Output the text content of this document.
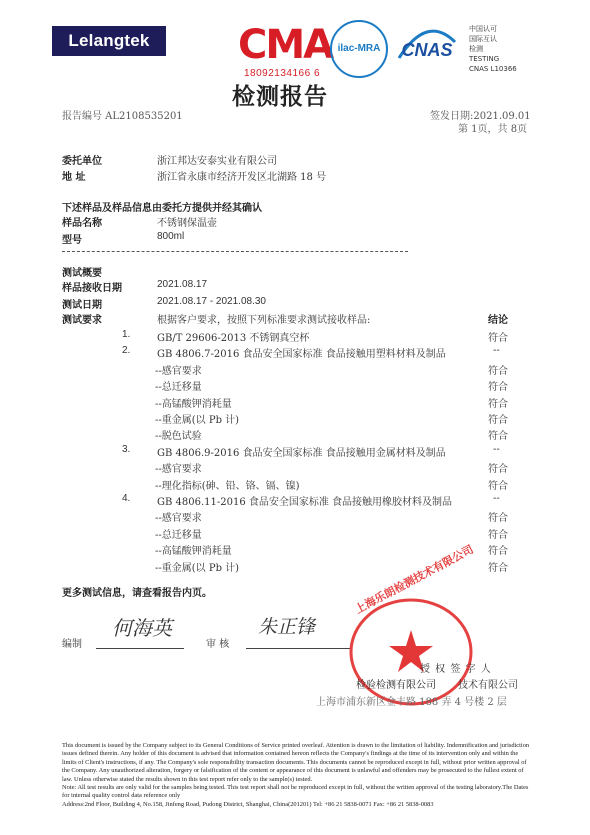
Lelangtek	CMA
18092134166 6
ilac-MRA	CNAS
中国认可
国际互认
检测
TESTING
CNAS L10366
检测报告
报告编号 AL2108535201	签发日期:2021.09.01
第 1页，共 8页
委托单位	浙江邦达安泰实业有限公司
地 址	浙江省永康市经济开发区北湖路 18 号
下述样品及样品信息由委托方提供并经其确认
样品名称	不锈钢保温壶
型号	800ml
测试概要
样品接收日期	2021.08.17
测试日期	2021.08.17 - 2021.08.30
测试要求	根据客户要求，按照下列标准要求测试接收样品:	结论
1.	GB/T 29606-2013 不锈钢真空杯	符合
2.	GB 4806.7-2016 食品安全国家标准 食品接触用塑料材料及制品	--
--感官要求	符合
--总迁移量	符合
--高锰酸钾消耗量	符合
--重金属(以 Pb 计)	符合
--脱色试验	符合
3.	GB 4806.9-2016 食品安全国家标准 食品接触用金属材料及制品	--
--感官要求	符合
--理化指标(砷、铅、铬、镉、镍)	符合
4.	GB 4806.11-2016 食品安全国家标准 食品接触用橡胶材料及制品	--
--感官要求	符合
--总迁移量	符合
--高锰酸钾消耗量	符合
--重金属(以 Pb 计)	符合
更多测试信息，请查看报告内页。
编制
何海英
审 核
朱正锋
上海乐朗检测技术有限公司
授 权 签 字 人
检验检测有限公司 技术有限公司
上海市浦东新区金丰路 188 弄 4 号楼 2 层

This document is issued by the Company subject to its General Conditions of Service printed overleaf. Attention is drawn to the limitation of liability. Indemnification and jurisdiction issues defined therein. Any holder of this document is advised that information contained hereon reflects the Company's findings at the time of its intervention only and within the limits of Client's instructions, if any. The Company's sole responsibility transaction documents. This documents cannot be reproduced except in full, without prior written approval of the Company. Any unauthorized alteration, forgery or falsification of the content or appearance of this document is unlawful and offenders may be prosecuted to the fullest extent of law. Unless otherwise stated the results shown in this test report refer only to the sample(s) tested.

Note: All test results are only valid for the samples being tested. This test report shall not be reproduced except in full, without the written approval of the testing laboratory.The Dates for internal quality control data reference only

Address:2nd Floor, Building 4, No.158, Jinfeng Road, Pudong District, Shanghai, China(201201) Tel: +86 21 5838-0071 Fax: +86 21 5838-0083
